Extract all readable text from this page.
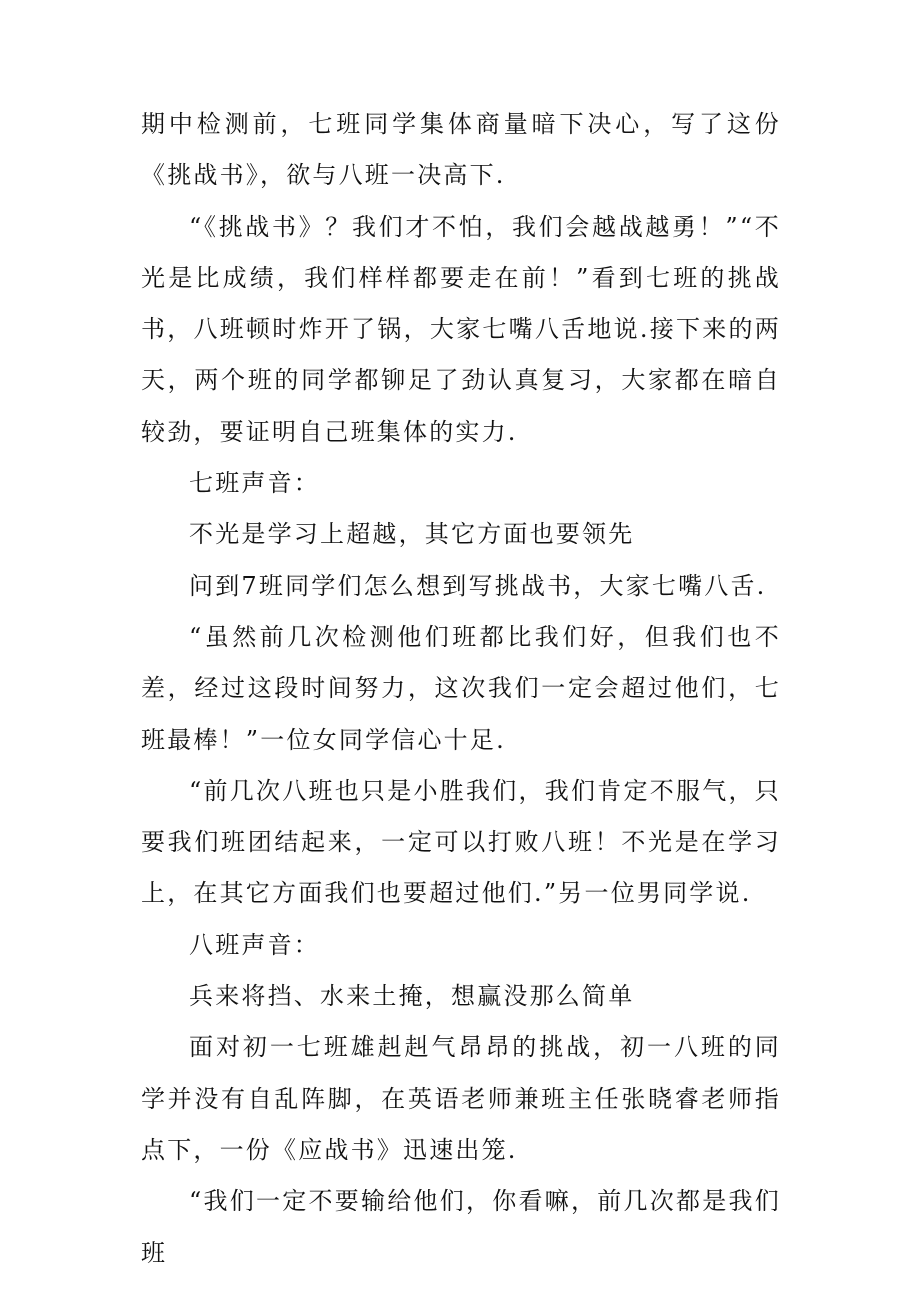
期中检测前，七班同学集体商量暗下决心，写了这份《挑战书》，欲与八班一决高下.

“《挑战书》？我们才不怕，我们会越战越勇！”“不光是比成绩，我们样样都要走在前！”看到七班的挑战书，八班顿时炸开了锅，大家七嘴八舌地说.接下来的两天，两个班的同学都铆足了劲认真复习，大家都在暗自较劲，要证明自己班集体的实力.

七班声音：

不光是学习上超越，其它方面也要领先

问到7班同学们怎么想到写挑战书，大家七嘴八舌.

“虽然前几次检测他们班都比我们好，但我们也不差，经过这段时间努力，这次我们一定会超过他们，七班最棒！”一位女同学信心十足.

“前几次八班也只是小胜我们，我们肯定不服气，只要我们班团结起来，一定可以打败八班！不光是在学习上，在其它方面我们也要超过他们.”另一位男同学说.

八班声音：

兵来将挡、水来土掩，想赢没那么简单

面对初一七班雄赳赳气昂昂的挑战，初一八班的同学并没有自乱阵脚，在英语老师兼班主任张晓睿老师指点下，一份《应战书》迅速出笼.

“我们一定不要输给他们，你看嘛，前几次都是我们班
